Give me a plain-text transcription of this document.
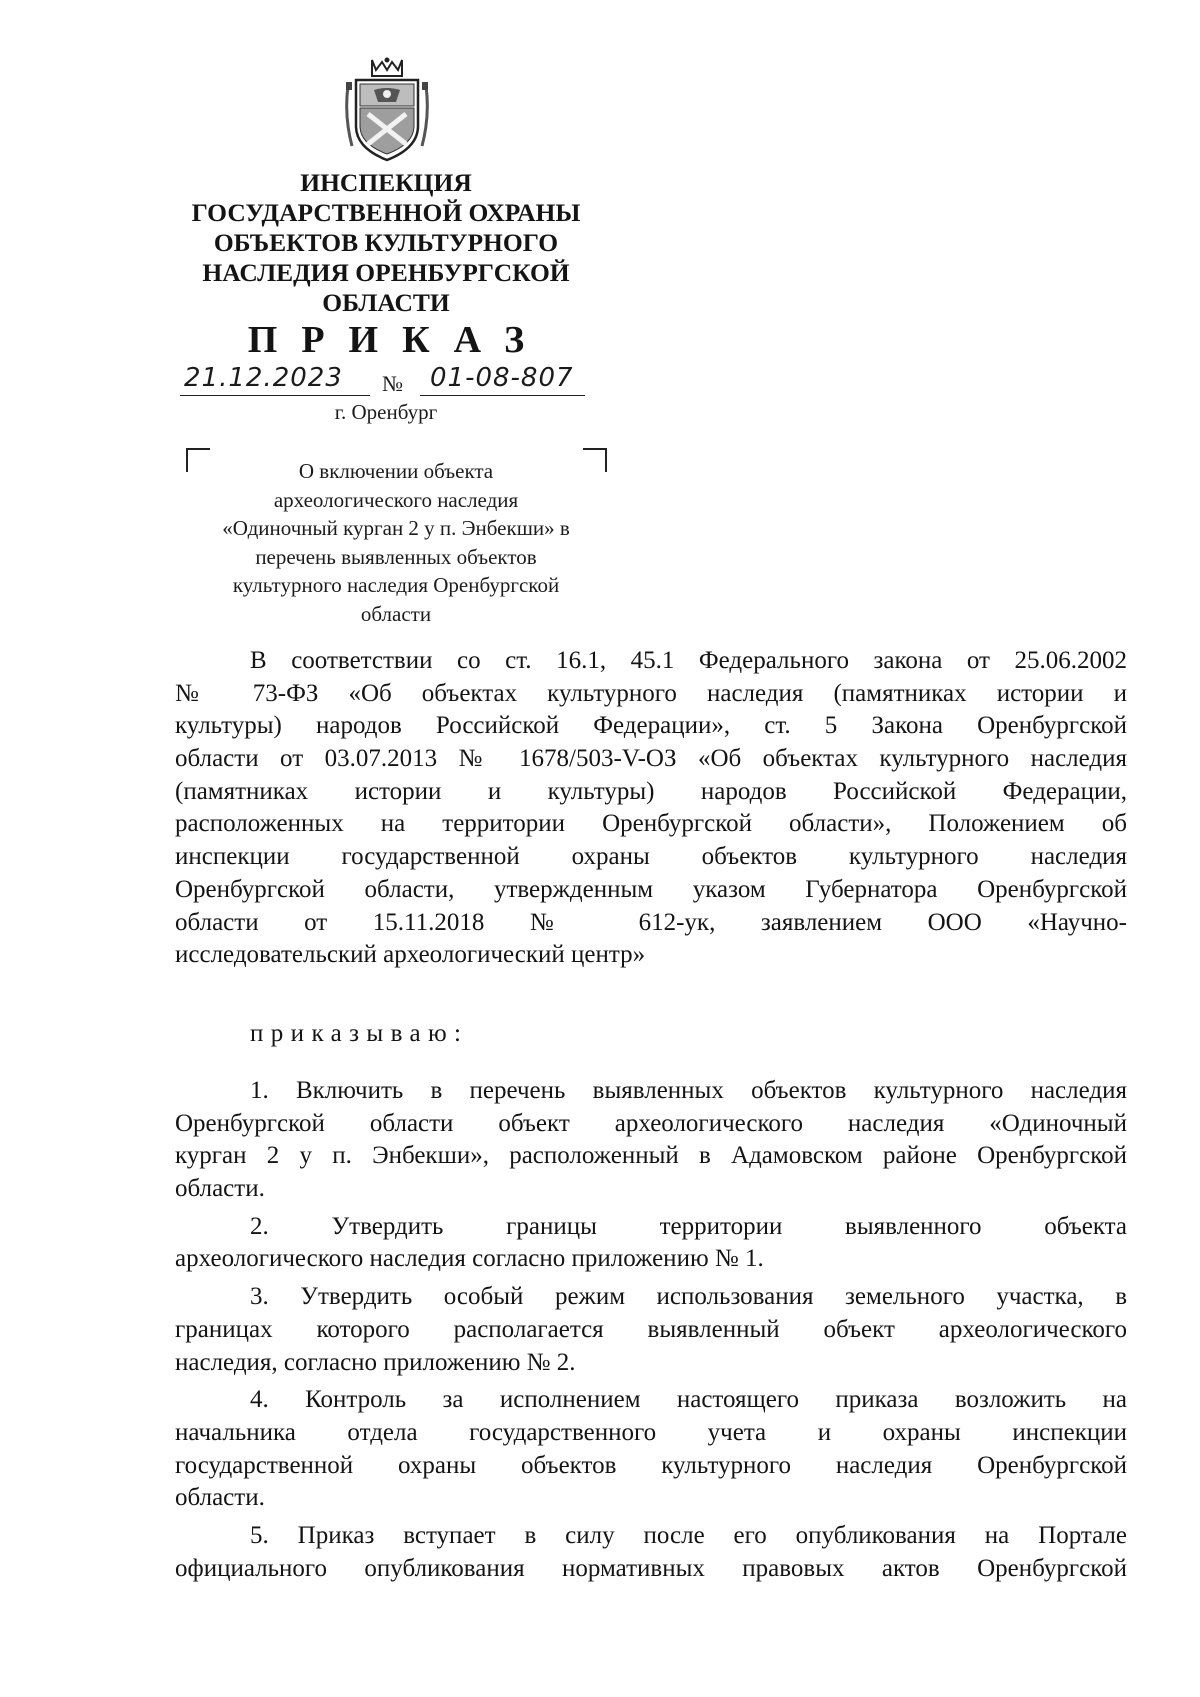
ИНСПЕКЦИЯ
ГОСУДАРСТВЕННОЙ ОХРАНЫ
ОБЪЕКТОВ КУЛЬТУРНОГО
НАСЛЕДИЯ ОРЕНБУРГСКОЙ
ОБЛАСТИ
ПРИКАЗ
21.12.2023 № 01-08-807
г. Оренбург
О включении объекта
археологического наследия
«Одиночный курган 2 у п. Энбекши» в
перечень выявленных объектов
культурного наследия Оренбургской
области
В соответствии со ст. 16.1, 45.1 Федерального закона от 25.06.2002
№ 73-ФЗ «Об объектах культурного наследия (памятниках истории и
культуры) народов Российской Федерации», ст. 5 Закона Оренбургской
области от 03.07.2013 № 1678/503-V-ОЗ «Об объектах культурного наследия
(памятниках истории и культуры) народов Российской Федерации,
расположенных на территории Оренбургской области», Положением об
инспекции государственной охраны объектов культурного наследия
Оренбургской области, утвержденным указом Губернатора Оренбургской
области от 15.11.2018 № 612-ук, заявлением ООО «Научно-
исследовательский археологический центр»
приказываю:
1. Включить в перечень выявленных объектов культурного наследия
Оренбургской области объект археологического наследия «Одиночный
курган 2 у п. Энбекши», расположенный в Адамовском районе Оренбургской
области.
2. Утвердить границы территории выявленного объекта
археологического наследия согласно приложению № 1.
3. Утвердить особый режим использования земельного участка, в
границах которого располагается выявленный объект археологического
наследия, согласно приложению № 2.
4. Контроль за исполнением настоящего приказа возложить на
начальника отдела государственного учета и охраны инспекции
государственной охраны объектов культурного наследия Оренбургской
области.
5. Приказ вступает в силу после его опубликования на Портале
официального опубликования нормативных правовых актов Оренбургской
